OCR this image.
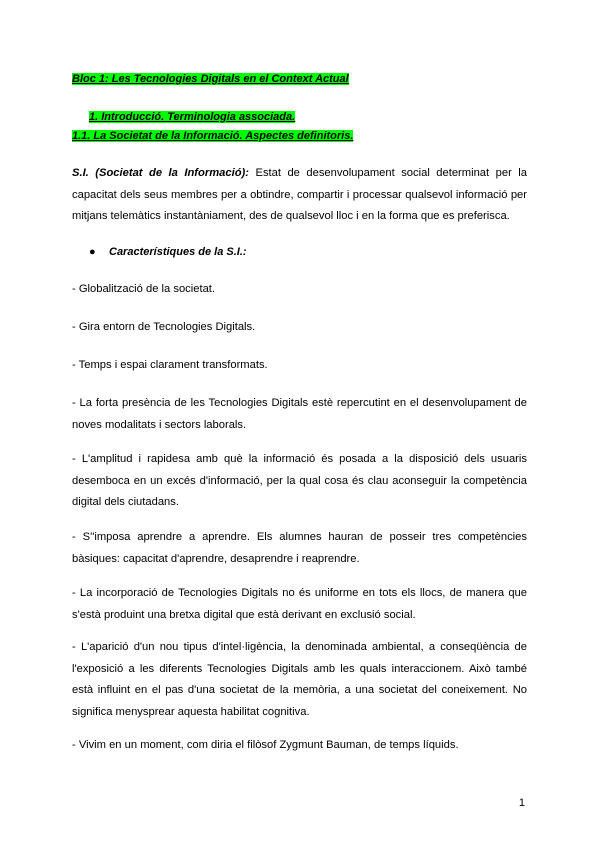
Bloc 1: Les Tecnologies Digitals en el Context Actual
1. Introducció. Terminologia associada.
1.1. La Societat de la Informació. Aspectes definitoris.
S.I. (Societat de la Informació): Estat de desenvolupament social determinat per la capacitat dels seus membres per a obtindre, compartir i processar qualsevol informació per mitjans telemàtics instantàniament, des de qualsevol lloc i en la forma que es preferisca.
● Característiques de la S.I.:
- Globalització de la societat.
- Gira entorn de Tecnologies Digitals.
- Temps i espai clarament transformats.
- La forta presència de les Tecnologies Digitals estè repercutint en el desenvolupament de noves modalitats i sectors laborals.
- L'amplitud i rapidesa amb què la informació és posada a la disposició dels usuaris desemboca en un excés d'informació, per la qual cosa és clau aconseguir la competència digital dels ciutadans.
- S''imposa aprendre a aprendre. Els alumnes hauran de posseir tres competències bàsiques: capacitat d'aprendre, desaprendre i reaprendre.
- La incorporació de Tecnologies Digitals no és uniforme en tots els llocs, de manera que s'està produint una bretxa digital que està derivant en exclusió social.
- L'aparició d'un nou tipus d'intel·ligència, la denominada ambiental, a conseqüència de l'exposició a les diferents Tecnologies Digitals amb les quals interaccionem. Això també està influint en el pas d'una societat de la memòria, a una societat del coneixement. No significa menysprear aquesta habilitat cognitiva.
- Vivim en un moment, com diria el filòsof Zygmunt Bauman, de temps líquids.
1
